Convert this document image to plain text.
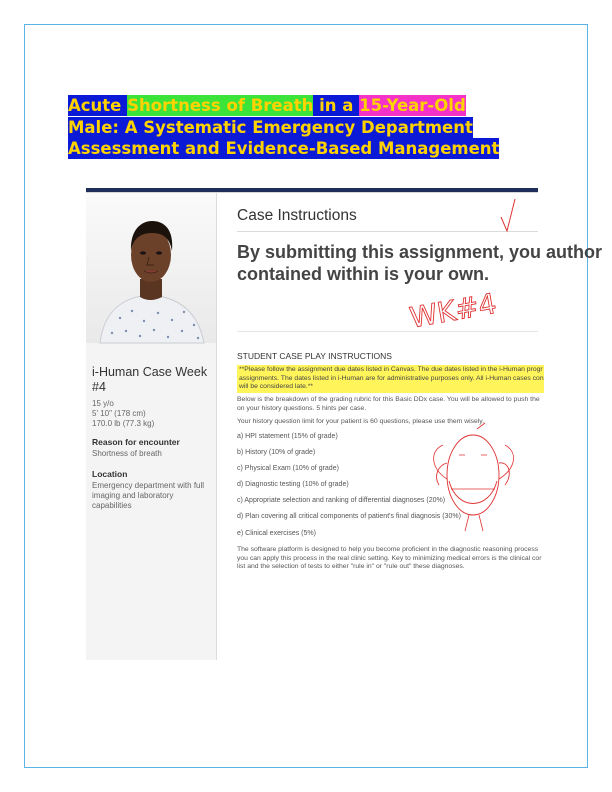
Acute Shortness of Breath in a 15-Year-Old
Male: A Systematic Emergency Department
Assessment and Evidence-Based Management
i-Human Case Week #4
15 y/o
5' 10" (178 cm)
170.0 lb (77.3 kg)
Reason for encounter
Shortness of breath
Location
Emergency department with full imaging and laboratory capabilities
Case Instructions
By submitting this assignment, you author
contained within is your own.
STUDENT CASE PLAY INSTRUCTIONS
**Please follow the assignment due dates listed in Canvas. The due dates listed in the i-Human progr
assignments. The dates listed in i-Human are for administrative purposes only. All i-Human cases con
will be considered late.**
Below is the breakdown of the grading rubric for this Basic DDx case. You will be allowed to push the
on your history questions. 5 hints per case.
Your history question limit for your patient is 60 questions, please use them wisely.
a) HPI statement (15% of grade)
b) History (10% of grade)
c) Physical Exam (10% of grade)
d) Diagnostic testing (10% of grade)
c) Appropriate selection and ranking of differential diagnoses (20%)
d) Plan covering all critical components of patient's final diagnosis (30%)
e) Clinical exercises (5%)
The software platform is designed to help you become proficient in the diagnostic reasoning process
you can apply this process in the real clinic setting. Key to minimizing medical errors is the clinical cor
list and the selection of tests to either "rule in" or "rule out" these diagnoses.
WK#4
